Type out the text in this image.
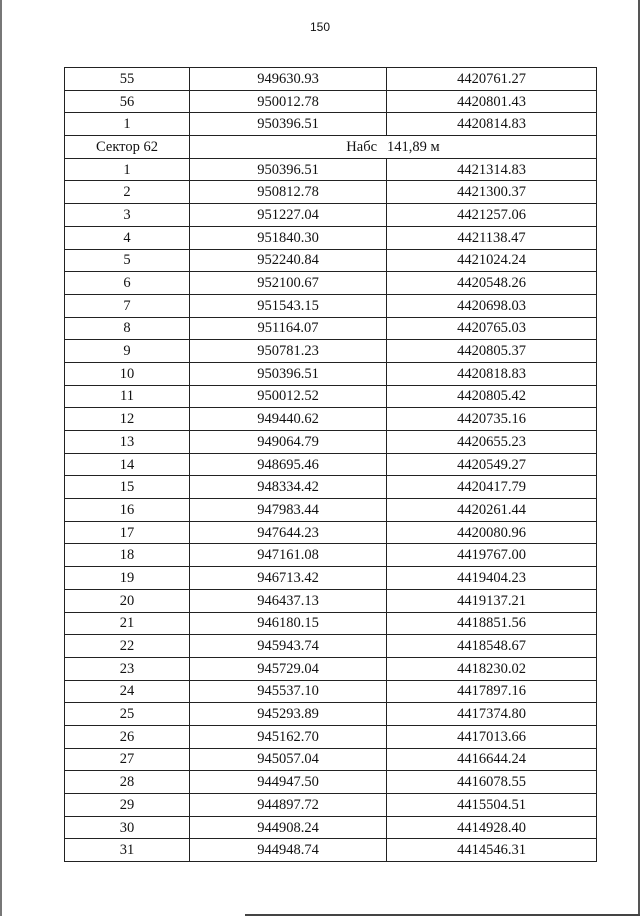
150
55	949630.93	4420761.27
56	950012.78	4420801.43
1	950396.51	4420814.83
Сектор 62	Набс 141,89 м	
1	950396.51	4421314.83
2	950812.78	4421300.37
3	951227.04	4421257.06
4	951840.30	4421138.47
5	952240.84	4421024.24
6	952100.67	4420548.26
7	951543.15	4420698.03
8	951164.07	4420765.03
9	950781.23	4420805.37
10	950396.51	4420818.83
11	950012.52	4420805.42
12	949440.62	4420735.16
13	949064.79	4420655.23
14	948695.46	4420549.27
15	948334.42	4420417.79
16	947983.44	4420261.44
17	947644.23	4420080.96
18	947161.08	4419767.00
19	946713.42	4419404.23
20	946437.13	4419137.21
21	946180.15	4418851.56
22	945943.74	4418548.67
23	945729.04	4418230.02
24	945537.10	4417897.16
25	945293.89	4417374.80
26	945162.70	4417013.66
27	945057.04	4416644.24
28	944947.50	4416078.55
29	944897.72	4415504.51
30	944908.24	4414928.40
31	944948.74	4414546.31
